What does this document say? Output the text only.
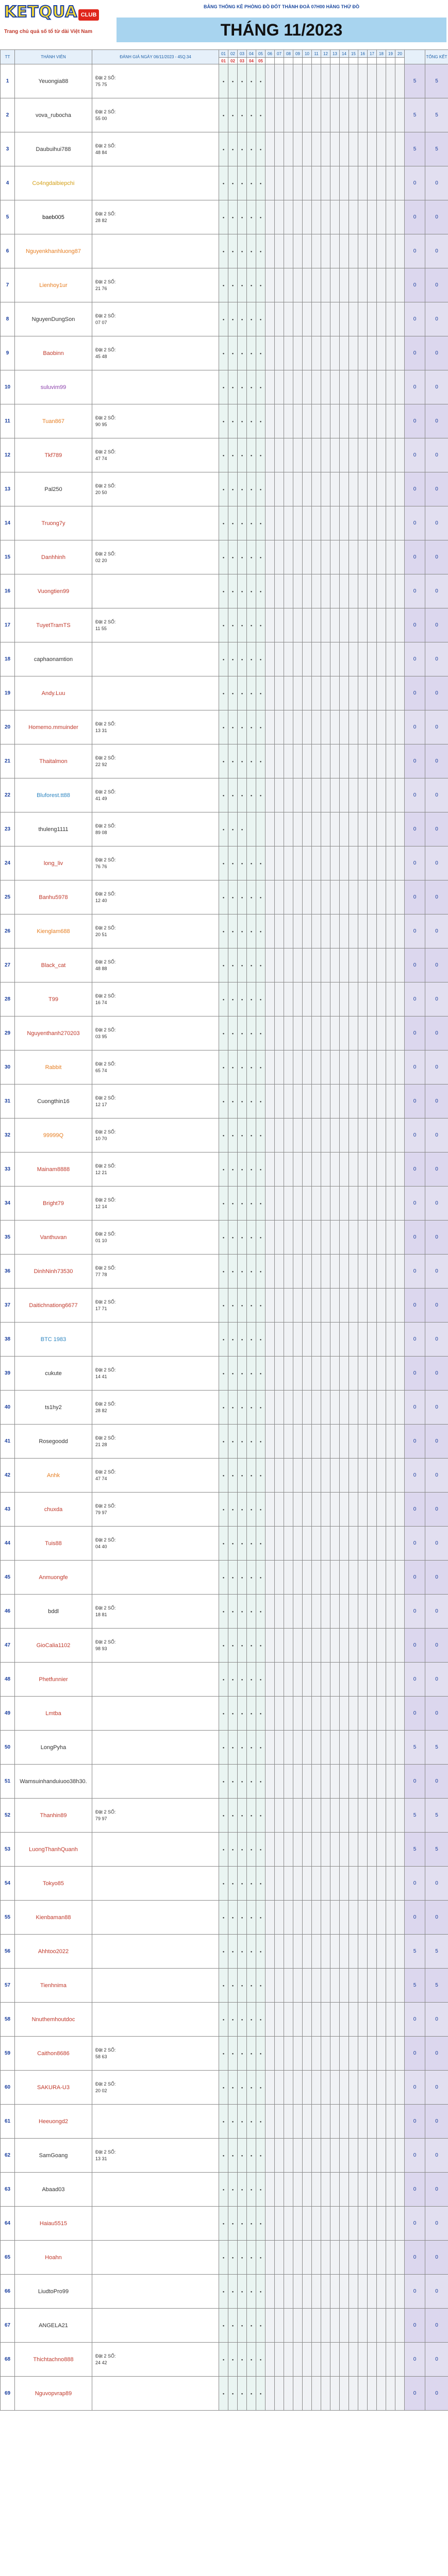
KETQUA CLUB
Trang chủ quả số tổ từ dài Việt Nam
BẢNG THỐNG KÊ PHÒNG ĐỒ ĐỐT THÀNH ĐOÀ 07H00 HÀNG THỨ ĐỒ
THÁNG 11/2023
TT	THÀNH VIÊN	ĐÁNH GIÁ NGÀY 06/11/2023 - 45Q.34	01	02	03	04	05	06	07	08	09	10	11	12	13	14	15	16	17	18	19	20		TỔNG KẾT
			01	02	03	04	05																	
1	Yeuongia88	Đặt 2 SỐ:
75 75	●	●	●	●	●																5	5
2	vova_rubocha	Đặt 2 SỐ:
55 00	●	●	●	●	●																5	5
3	Daubuihui788	Đặt 2 SỐ:
48 84	●	●	●	●	●																5	5
4	Co4ngdaibiepchi		●	●	●	●	●																0	0
5	baeb005	Đặt 2 SỐ:
28 82	●	●	●	●	●																0	0
6	Nguyenkhanhluong87		●	●	●	●	●																0	0
7	Lienhoy1ur	Đặt 2 SỐ:
21 76	●	●	●	●	●																0	0
8	NguyenDungSon	Đặt 2 SỐ:
07 07	●	●	●	●	●																0	0
9	Baobinn	Đặt 2 SỐ:
45 48	●	●	●	●	●																0	0
10	suluvim99		●	●	●	●	●																0	0
11	Tuan867	Đặt 2 SỐ:
90 95	●	●	●	●	●																0	0
12	Tkf789	Đặt 2 SỐ:
47 74	●	●	●	●	●																0	0
13	Pal250	Đặt 2 SỐ:
20 50	●	●	●	●	●																0	0
14	Truong7y		●	●	●	●	●																0	0
15	Danhhinh	Đặt 2 SỐ:
02 20	●	●	●	●	●																0	0
16	Vuongtien99		●	●	●	●	●																0	0
17	TuyetTramTS	Đặt 2 SỐ:
11 55	●	●	●	●	●																0	0
18	caphaonamtion		●	●	●	●	●																0	0
19	Andy.Luu		●	●	●	●	●																0	0
20	Homemo.mmuinder	Đặt 2 SỐ:
13 31	●	●	●	●	●																0	0
21	Thaitalmon	Đặt 2 SỐ:
22 92	●	●	●	●	●																0	0
22	Bluforest.tt88	Đặt 2 SỐ:
41 49	●	●	●	●	●																0	0
23	thuleng1111	Đặt 2 SỐ:
89 08	●	●	●																		0	0
24	long_liv	Đặt 2 SỐ:
76 76	●	●	●	●	●																0	0
25	Banhu5978	Đặt 2 SỐ:
12 40	●	●	●	●	●																0	0
26	Kienglam688	Đặt 2 SỐ:
20 51	●	●	●	●	●																0	0
27	Black_cat	Đặt 2 SỐ:
48 88	●	●	●	●	●																0	0
28	T99	Đặt 2 SỐ:
16 74	●	●	●	●	●																0	0
29	Nguyenthanh270203	Đặt 2 SỐ:
03 95	●	●	●	●	●																0	0
30	Rabbit	Đặt 2 SỐ:
65 74	●	●	●	●	●																0	0
31	Cuongthin16	Đặt 2 SỐ:
12 17	●	●	●	●	●																0	0
32	99999Q	Đặt 2 SỐ:
10 70	●	●	●	●	●																0	0
33	Mainam8888	Đặt 2 SỐ:
12 21	●	●	●	●	●																0	0
34	Bright79	Đặt 2 SỐ:
12 14	●	●	●	●	●																0	0
35	Vanthuvan	Đặt 2 SỐ:
01 10	●	●	●	●	●																0	0
36	DinhNinh73530	Đặt 2 SỐ:
77 78	●	●	●	●	●																0	0
37	Daitichnationg6677	Đặt 2 SỐ:
17 71	●	●	●	●	●																0	0
38	BTC 1983		●	●	●	●	●																0	0
39	cukute	Đặt 2 SỐ:
14 41	●	●	●	●	●																0	0
40	ts1hy2	Đặt 2 SỐ:
28 82	●	●	●	●	●																0	0
41	Rosegoodd	Đặt 2 SỐ:
21 28	●	●	●	●	●																0	0
42	Anhk	Đặt 2 SỐ:
47 74	●	●	●	●	●																0	0
43	chuxda	Đặt 2 SỐ:
79 97	●	●	●	●	●																0	0
44	Tuis88	Đặt 2 SỐ:
04 40	●	●	●	●	●																0	0
45	Anmuongfe		●	●	●	●	●																0	0
46	bddl	Đặt 2 SỐ:
18 81	●	●	●	●	●																0	0
47	GioCalia1102	Đặt 2 SỐ:
98 93	●	●	●	●	●																0	0
48	Phetfunnier		●	●	●	●	●																0	0
49	Lmtba		●	●	●	●	●																0	0
50	LongPyha		●	●	●	●	●																5	5
51	Wamsuinhanduiuoo38h30.		●	●	●	●	●																0	0
52	Thanhin89	Đặt 2 SỐ:
79 97	●	●	●	●	●																5	5
53	LuongThanhQuanh		●	●	●	●	●																5	5
54	Tokyo85		●	●	●	●	●																0	0
55	Kienbaman88		●	●	●	●	●																0	0
56	Ahhtoo2022		●	●	●	●	●																5	5
57	Tienhnima		●	●	●	●	●																5	5
58	Nnuthemhoutdoc		●	●	●	●	●																0	0
59	Caithon8686	Đặt 2 SỐ:
58 63	●	●	●	●	●																0	0
60	SAKURA-U3	Đặt 2 SỐ:
20 02	●	●	●	●	●																0	0
61	Heeuongd2		●	●	●	●	●																0	0
62	SamGoang	Đặt 2 SỐ:
13 31	●	●	●	●	●																0	0
63	Abaad03		●	●	●	●	●																0	0
64	Haiau5515		●	●	●	●	●																0	0
65	Hoahn		●	●	●	●	●																0	0
66	LiudtoPro99		●	●	●	●	●																0	0
67	ANGELA21		●	●	●	●	●																0	0
68	Thichtachno888	Đặt 2 SỐ:
24 42	●	●	●	●	●																0	0
69	Nguvopvrap89		●	●	●	●	●																0	0
